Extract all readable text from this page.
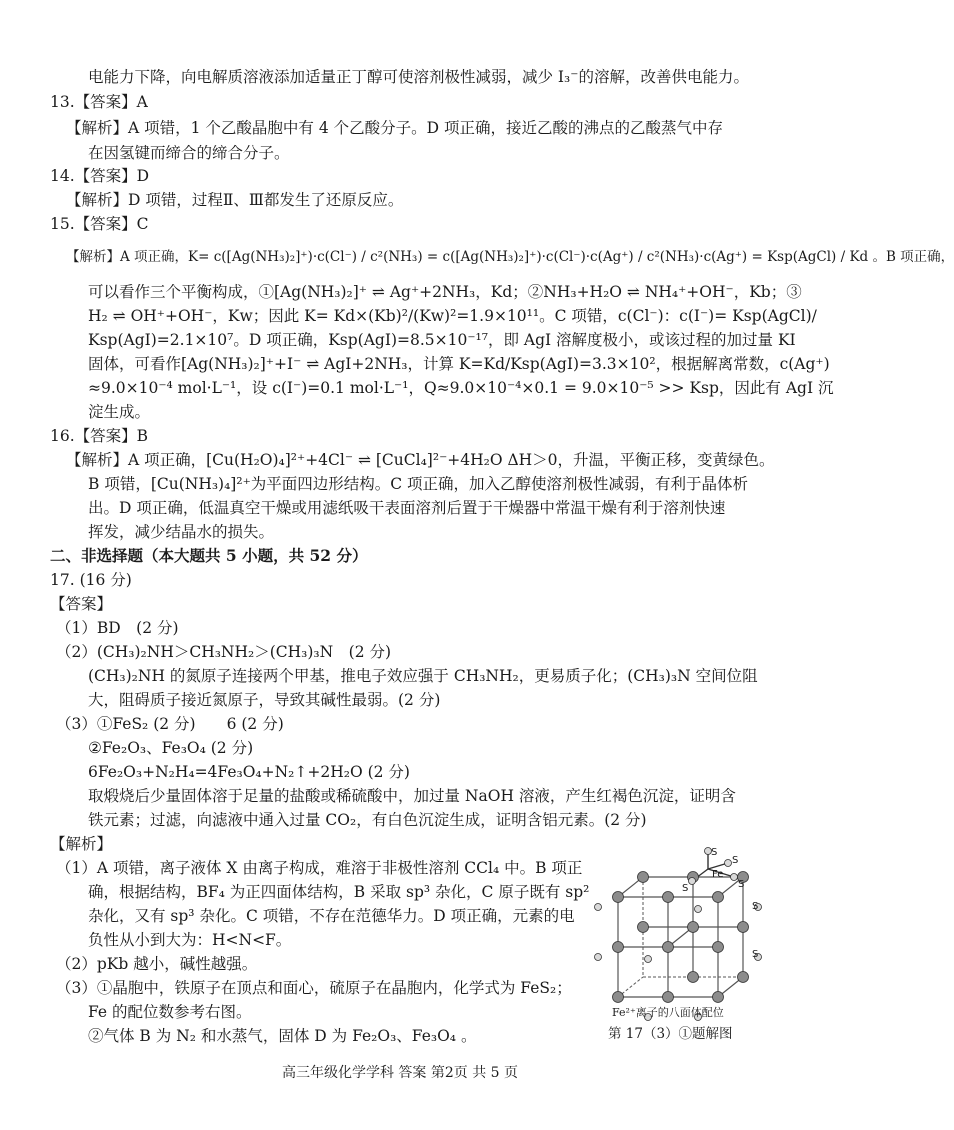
电能力下降，向电解质溶液添加适量正丁醇可使溶剂极性减弱，减少 I₃⁻的溶解，改善供电能力。
13.【答案】A
【解析】A 项错，1 个乙酸晶胞中有 4 个乙酸分子。D 项正确，接近乙酸的沸点的乙酸蒸气中存
在因氢键而缔合的缔合分子。
14.【答案】D
【解析】D 项错，过程Ⅱ、Ⅲ都发生了还原反应。
15.【答案】C
【解析】A 项正确，K= c([Ag(NH₃)₂]⁺)·c(Cl⁻) / c²(NH₃) = c([Ag(NH₃)₂]⁺)·c(Cl⁻)·c(Ag⁺) / c²(NH₃)·c(Ag⁺) = Ksp(AgCl) / Kd 。B 项正确，
可以看作三个平衡构成，①[Ag(NH₃)₂]⁺ ⇌ Ag⁺+2NH₃，Kd；②NH₃+H₂O ⇌ NH₄⁺+OH⁻，Kb；③
H₂ ⇌ OH⁺+OH⁻，Kw；因此 K= Kd×(Kb)²/(Kw)²=1.9×10¹¹。C 项错，c(Cl⁻)：c(I⁻)= Ksp(AgCl)/
Ksp(AgI)=2.1×10⁷。D 项正确，Ksp(AgI)=8.5×10⁻¹⁷，即 AgI 溶解度极小，或该过程的加过量 KI
固体，可看作[Ag(NH₃)₂]⁺+I⁻ ⇌ AgI+2NH₃，计算 K=Kd/Ksp(AgI)=3.3×10²，根据解离常数，c(Ag⁺)
≈9.0×10⁻⁴ mol·L⁻¹，设 c(I⁻)=0.1 mol·L⁻¹，Q≈9.0×10⁻⁴×0.1 = 9.0×10⁻⁵ >> Ksp，因此有 AgI 沉
淀生成。
16.【答案】B
【解析】A 项正确，[Cu(H₂O)₄]²⁺+4Cl⁻ ⇌ [CuCl₄]²⁻+4H₂O ΔH＞0，升温，平衡正移，变黄绿色。
B 项错，[Cu(NH₃)₄]²⁺为平面四边形结构。C 项正确，加入乙醇使溶剂极性减弱，有利于晶体析
出。D 项正确，低温真空干燥或用滤纸吸干表面溶剂后置于干燥器中常温干燥有利于溶剂快速
挥发，减少结晶水的损失。
二、非选择题（本大题共 5 小题，共 52 分）
17. (16 分)
【答案】
（1）BD　(2 分)
（2）(CH₃)₂NH＞CH₃NH₂＞(CH₃)₃N　(2 分)
(CH₃)₂NH 的氮原子连接两个甲基，推电子效应强于 CH₃NH₂，更易质子化；(CH₃)₃N 空间位阻
大，阻碍质子接近氮原子，导致其碱性最弱。(2 分)
（3）①FeS₂ (2 分)　　6 (2 分)
②Fe₂O₃、Fe₃O₄ (2 分)
6Fe₂O₃+N₂H₄=4Fe₃O₄+N₂↑+2H₂O (2 分)
取煅烧后少量固体溶于足量的盐酸或稀硫酸中，加过量 NaOH 溶液，产生红褐色沉淀，证明含
铁元素；过滤，向滤液中通入过量 CO₂，有白色沉淀生成，证明含铝元素。(2 分)
【解析】
（1）A 项错，离子液体 X 由离子构成，难溶于非极性溶剂 CCl₄ 中。B 项正
确，根据结构，BF₄ 为正四面体结构，B 采取 sp³ 杂化，C 原子既有 sp²
杂化，又有 sp³ 杂化。C 项错，不存在范德华力。D 项正确，元素的电
负性从小到大为：H<N<F。
（2）pKb 越小，碱性越强。
（3）①晶胞中，铁原子在顶点和面心，硫原子在晶胞内，化学式为 FeS₂；
Fe 的配位数参考右图。
②气体 B 为 N₂ 和水蒸气，固体 D 为 Fe₂O₃、Fe₃O₄ 。
S
S
Fe
S
S
S
S
Fe²⁺离子的八面体配位
第 17（3）①题解图
高三年级化学学科 答案 第2页 共 5 页
